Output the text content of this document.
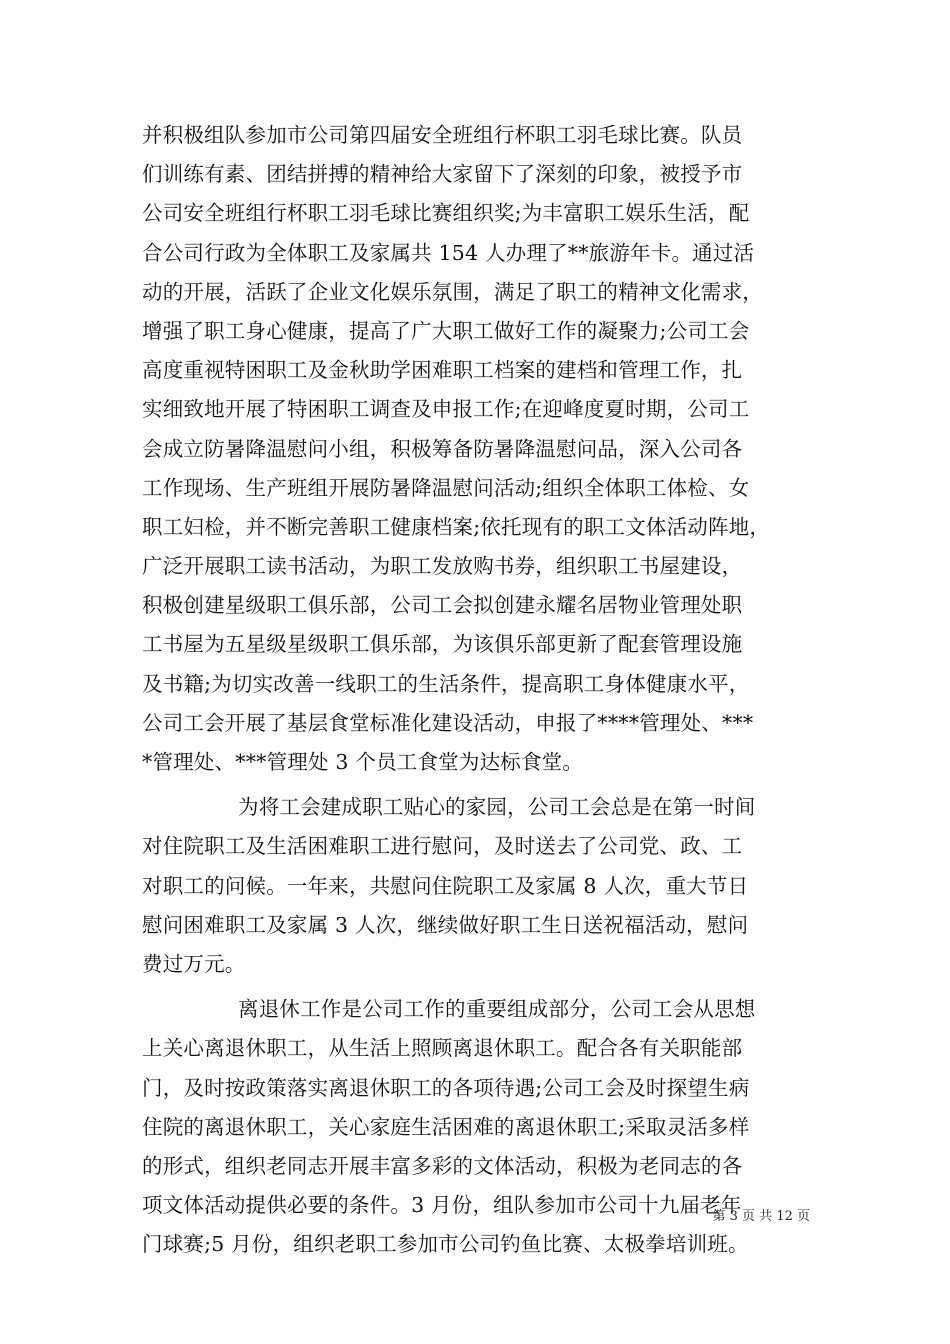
并积极组队参加市公司第四届安全班组行杯职工羽毛球比赛。队员
们训练有素、团结拼搏的精神给大家留下了深刻的印象，被授予市
公司安全班组行杯职工羽毛球比赛组织奖;为丰富职工娱乐生活，配
合公司行政为全体职工及家属共 154 人办理了**旅游年卡。通过活
动的开展，活跃了企业文化娱乐氛围，满足了职工的精神文化需求，
增强了职工身心健康，提高了广大职工做好工作的凝聚力;公司工会
高度重视特困职工及金秋助学困难职工档案的建档和管理工作，扎
实细致地开展了特困职工调查及申报工作;在迎峰度夏时期，公司工
会成立防暑降温慰问小组，积极筹备防暑降温慰问品，深入公司各
工作现场、生产班组开展防暑降温慰问活动;组织全体职工体检、女
职工妇检，并不断完善职工健康档案;依托现有的职工文体活动阵地，
广泛开展职工读书活动，为职工发放购书券，组织职工书屋建设，
积极创建星级职工俱乐部，公司工会拟创建永耀名居物业管理处职
工书屋为五星级星级职工俱乐部，为该俱乐部更新了配套管理设施
及书籍;为切实改善一线职工的生活条件，提高职工身体健康水平，
公司工会开展了基层食堂标准化建设活动，申报了****管理处、***
*管理处、***管理处 3 个员工食堂为达标食堂。
为将工会建成职工贴心的家园，公司工会总是在第一时间
对住院职工及生活困难职工进行慰问，及时送去了公司党、政、工
对职工的问候。一年来，共慰问住院职工及家属 8 人次，重大节日
慰问困难职工及家属 3 人次，继续做好职工生日送祝福活动，慰问
费过万元。
离退休工作是公司工作的重要组成部分，公司工会从思想
上关心离退休职工，从生活上照顾离退休职工。配合各有关职能部
门，及时按政策落实离退休职工的各项待遇;公司工会及时探望生病
住院的离退休职工，关心家庭生活困难的离退休职工;采取灵活多样
的形式，组织老同志开展丰富多彩的文体活动，积极为老同志的各
项文体活动提供必要的条件。3 月份，组队参加市公司十九届老年
门球赛;5 月份，组织老职工参加市公司钓鱼比赛、太极拳培训班。
第 3 页 共 12 页
